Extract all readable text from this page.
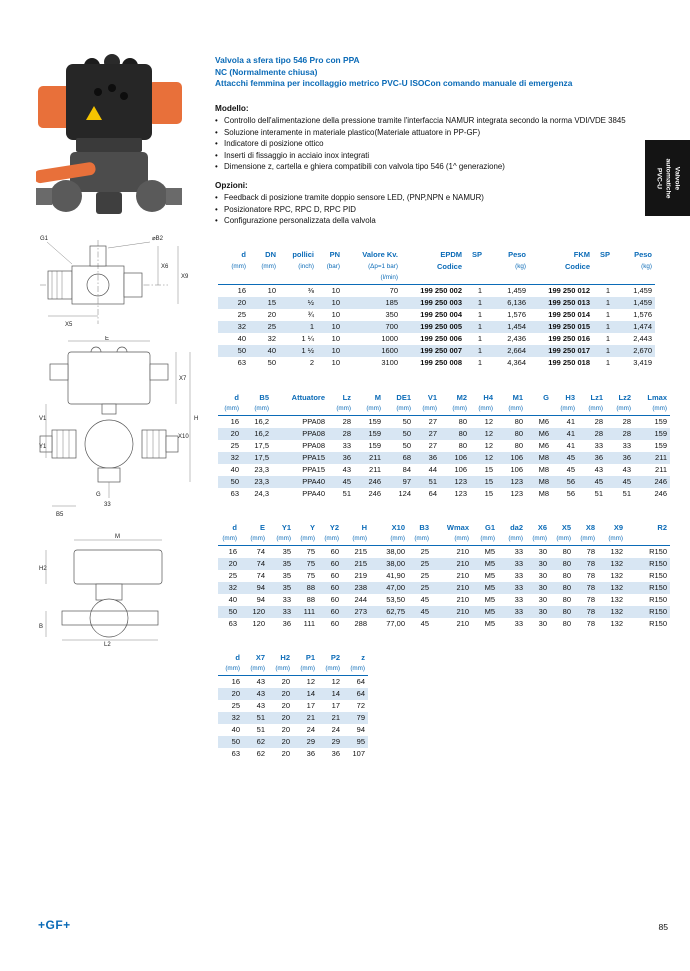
Valvola a sfera tipo 546 Pro con PPA
NC (Normalmente chiusa)
Attacchi femmina per incollaggio metrico PVC-U ISOCon comando manuale di emergenza
Modello:
• Controllo dell'alimentazione della pressione tramite l'interfaccia NAMUR integrata secondo la norma VDI/VDE 3845
• Soluzione interamente in materiale plastico(Materiale attuatore in PP-GF)
• Indicatore di posizione ottico
• Inserti di fissaggio in acciaio inox integrati
• Dimensione z, cartella e ghiera compatibili con valvola tipo 546 (1^ generazione)
Opzioni:
• Feedback di posizione tramite doppio sensore LED, (PNP,NPN e NAMUR)
• Posizionatore RPC, RPC D, RPC PID
• Configurazione personalizzata della valvola
Valvole
automatiche
PVC-U
G1	⌀B2
X6
X9
X5
E
X7
H
X10
V1
Y1
B5
G
33
M
H2
B
L2
d	DN	pollici	PN	Valore Kv.	EPDM	SP	Peso	FKM	SP	Peso
(mm)	(mm)	(inch)	(bar)	(Δp=1 bar)	Codice		(kg)	Codice		(kg)
				(l/min)						
16	10	⅜	10	70	199 250 002	1	1,459	199 250 012	1	1,459
20	15	½	10	185	199 250 003	1	6,136	199 250 013	1	1,459
25	20	¾	10	350	199 250 004	1	1,576	199 250 014	1	1,576
32	25	1	10	700	199 250 005	1	1,454	199 250 015	1	1,474
40	32	1 ¼	10	1000	199 250 006	1	2,436	199 250 016	1	2,443
50	40	1 ½	10	1600	199 250 007	1	2,664	199 250 017	1	2,670
63	50	2	10	3100	199 250 008	1	4,364	199 250 018	1	3,419
d	B5	Attuatore	Lz	M	DE1	V1	M2	H4	M1	G	H3	Lz1	Lz2	Lmax
(mm)	(mm)		(mm)	(mm)	(mm)	(mm)	(mm)	(mm)	(mm)		(mm)	(mm)	(mm)	(mm)
16	16,2	PPA08	28	159	50	27	80	12	80	M6	41	28	28	159
20	16,2	PPA08	28	159	50	27	80	12	80	M6	41	28	28	159
25	17,5	PPA08	33	159	50	27	80	12	80	M6	41	33	33	159
32	17,5	PPA15	36	211	68	36	106	12	106	M8	45	36	36	211
40	23,3	PPA15	43	211	84	44	106	15	106	M8	45	43	43	211
50	23,3	PPA40	45	246	97	51	123	15	123	M8	56	45	45	246
63	24,3	PPA40	51	246	124	64	123	15	123	M8	56	51	51	246
d	E	Y1	Y	Y2	H	X10	B3	Wmax	G1	da2	X6	X5	X8	X9	R2
(mm)	(mm)	(mm)	(mm)	(mm)	(mm)	(mm)	(mm)	(mm)	(mm)	(mm)	(mm)	(mm)	(mm)	(mm)	
16	74	35	75	60	215	38,00	25	210	M5	33	30	80	78	132	R150
20	74	35	75	60	215	38,00	25	210	M5	33	30	80	78	132	R150
25	74	35	75	60	219	41,90	25	210	M5	33	30	80	78	132	R150
32	94	35	88	60	238	47,00	25	210	M5	33	30	80	78	132	R150
40	94	33	88	60	244	53,50	45	210	M5	33	30	80	78	132	R150
50	120	33	111	60	273	62,75	45	210	M5	33	30	80	78	132	R150
63	120	36	111	60	288	77,00	45	210	M5	33	30	80	78	132	R150
d	X7	H2	P1	P2	z
(mm)	(mm)	(mm)	(mm)	(mm)	(mm)
16	43	20	12	12	64
20	43	20	14	14	64
25	43	20	17	17	72
32	51	20	21	21	79
40	51	20	24	24	94
50	62	20	29	29	95
63	62	20	36	36	107
+GF+	85
